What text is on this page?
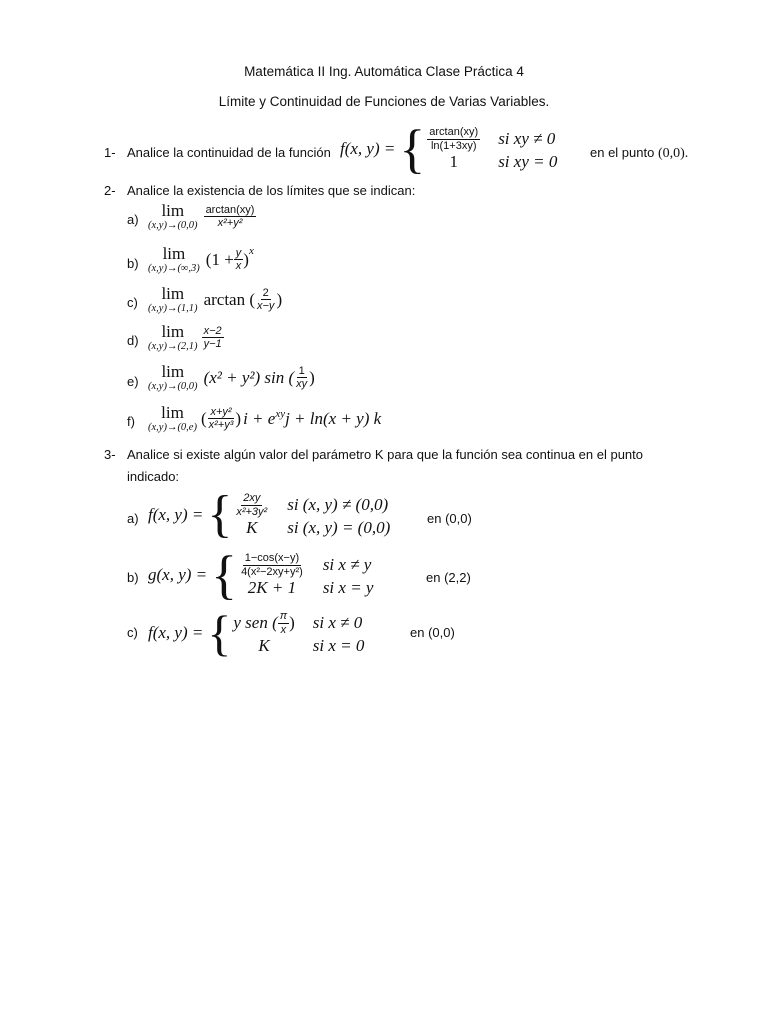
Matemática II Ing. Automática Clase Práctica 4
Límite y Continuidad de Funciones de Varias Variables.
1- Analice la continuidad de la función f(x, y) = { $\frac{\arctan(xy)}{\ln(1+3xy)}$ si xy ≠ 0
1	si xy = 0	en el punto (0,0).
2- Analice la existencia de los límites que se indican:
a) lim
$(x,y)\to(0,0) \frac{\arctan(xy)}{\text{x²+y²}}$
b)
lim
(x,y)→(∞,3) ($1 + \frac{y}{x}$ ) x
c) lim
(x,y)→(1,1) arctan ( $\frac{2}{x-y}$ )
d) lim
$(x,y)\to(2,1) \frac{x-2}{y-1}$
e)
lim
(x,y)→(0,0) (x² + y²) sin ( $\frac{1}{xy}$ )
f) lim
(x,y)→(0,e) ( $\frac{\text{x+y²}}{\text{x²+y³}}$ ) i + e xy j + ln(x + y) k
3- Analice si existe algún valor del parámetro K para que la función sea continua en el punto
indicado:
a) f(x, y) = { $\frac{2xy}{\text{x²+3y²}}$ si (x, y) ≠ (0,0)
K	si (x, y) = (0,0)	en (0,0)
b) g(x, y) = { $\frac{1-\cos(x-y)}{\text{4(x²−2xy+y²)}}$ si x ≠ y
2K + 1	si x = y
en (2,2)
c) f(x, y) = { y sen ( $\frac{\pi}{x}$ ) si x ≠ 0
K	si x = 0
en (0,0)
